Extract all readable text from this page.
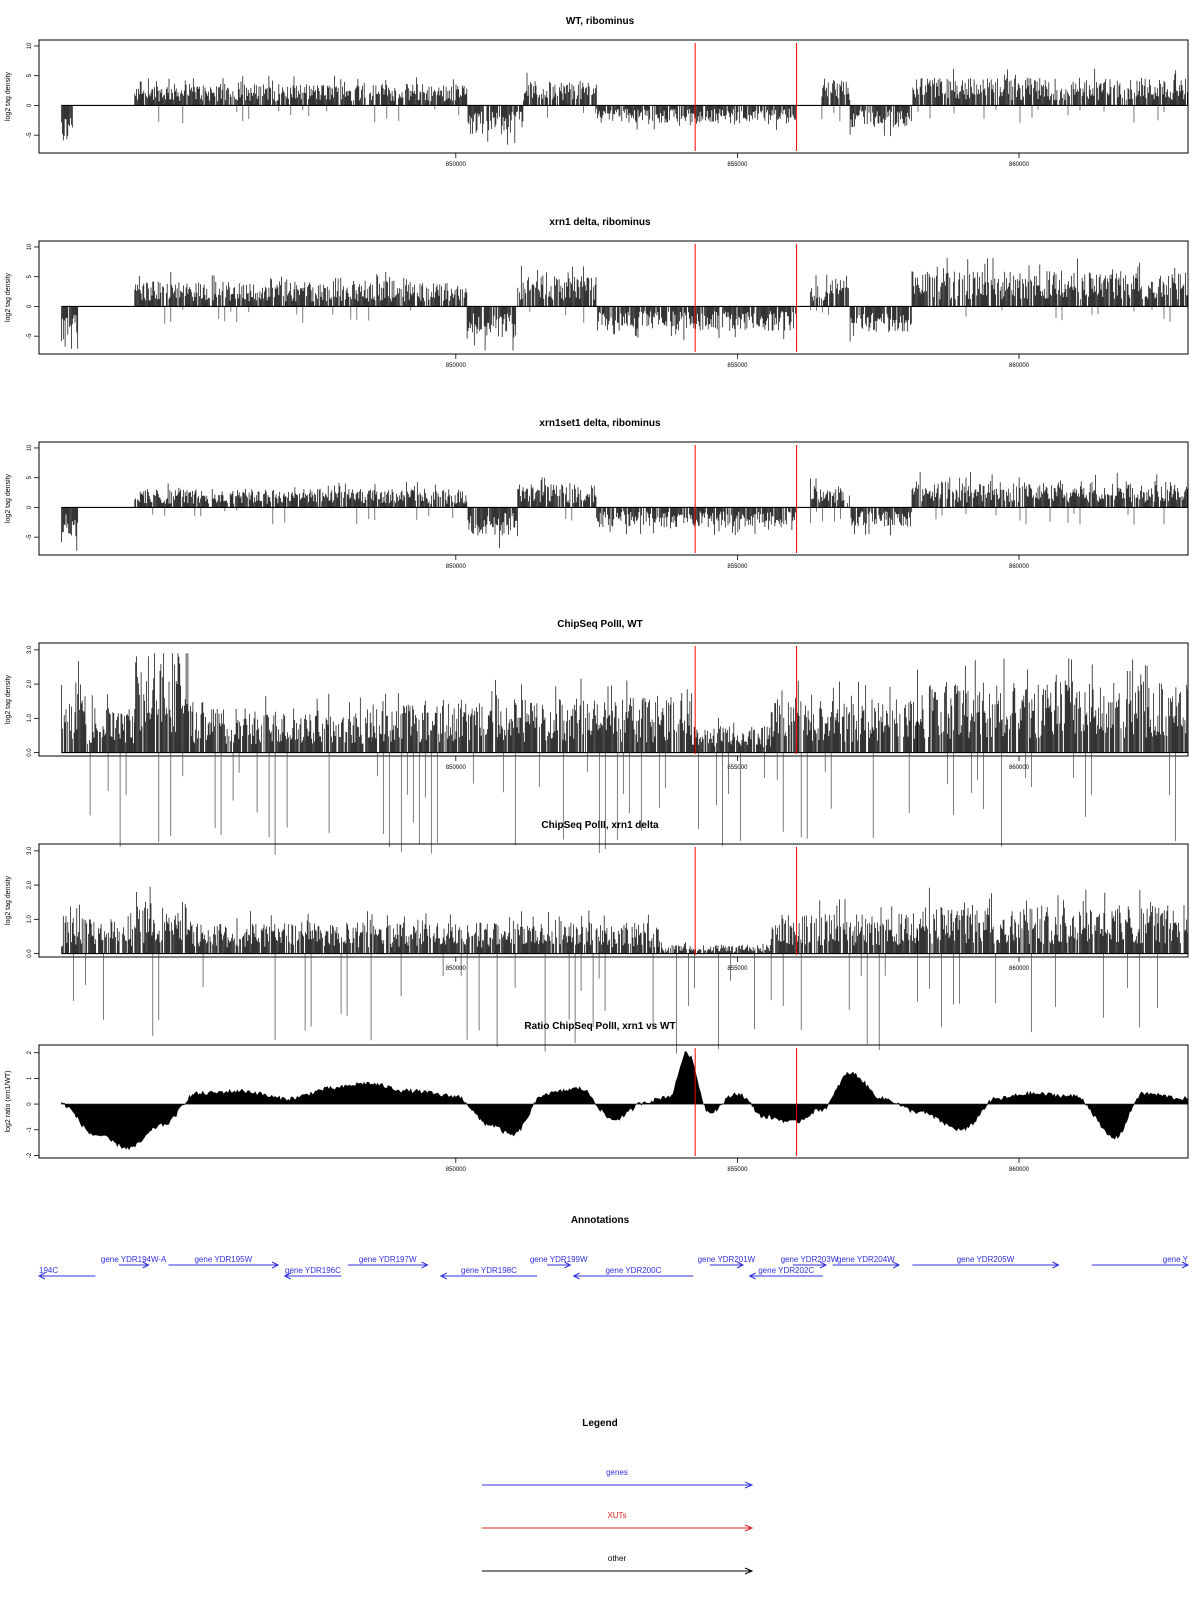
WT, ribominus
-5
0
5
10
log2 tag density
850000	855000	860000
xrn1 delta, ribominus
-5
0
5
10
log2 tag density
850000	855000	860000
xrn1set1 delta, ribominus
-5
0
5
10
log2 tag density
850000	855000	860000
ChipSeq PolII, WT
0.0
1.0
2.0
3.0
log2 tag density
850000	855000	860000
ChipSeq PolII, xrn1 delta
0.0
1.0
2.0
3.0
log2 tag density
850000	855000	860000
Ratio ChipSeq PolII, xrn1 vs WT
-2
-1
0
1
2
log2 ratio (xrn1/WT)
850000	855000	860000
Annotations
194C
gene YDR194W-A	gene YDR195W
gene YDR196C
gene YDR197W
gene YDR198C
gene YDR199W
gene YDR200C
gene YDR201W
gene YDR202C
gene YDR203W
gene YDR204W	gene YDR205W	gene Y
Legend
genes
XUTs
other
